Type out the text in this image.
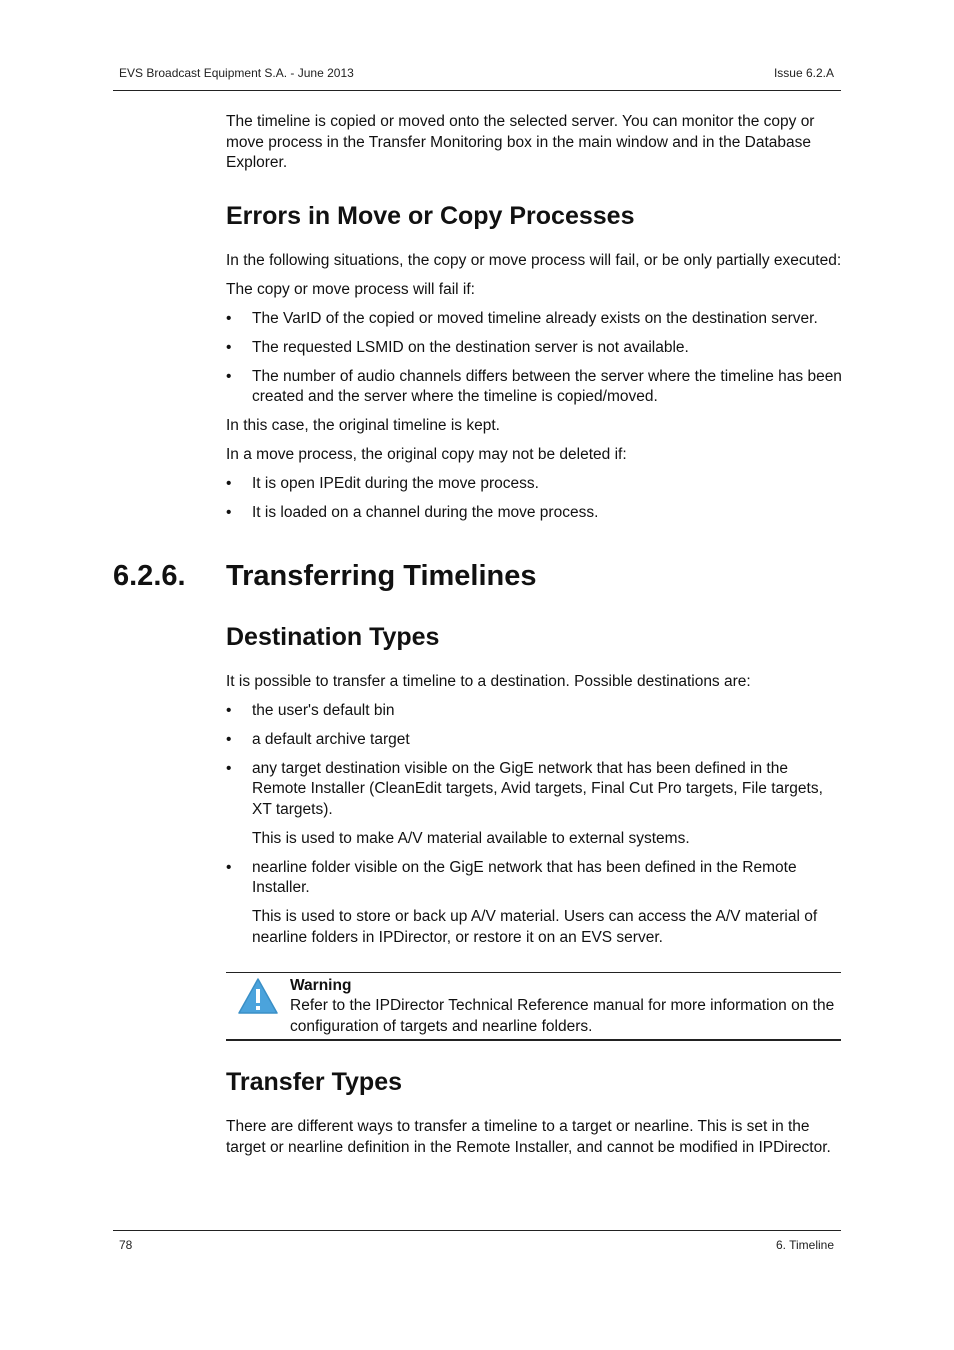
EVS Broadcast Equipment S.A. - June 2013	Issue 6.2.A

The timeline is copied or moved onto the selected server. You can monitor the copy or move process in the Transfer Monitoring box in the main window and in the Database Explorer.

Errors in Move or Copy Processes

In the following situations, the copy or move process will fail, or be only partially executed:

The copy or move process will fail if:

• The VarID of the copied or moved timeline already exists on the destination server.
• The requested LSMID on the destination server is not available.
• The number of audio channels differs between the server where the timeline has been created and the server where the timeline is copied/moved.

In this case, the original timeline is kept.

In a move process, the original copy may not be deleted if:

• It is open IPEdit during the move process.
• It is loaded on a channel during the move process.
6.2.6. Transferring Timelines
Destination Types

It is possible to transfer a timeline to a destination. Possible destinations are:

• the user's default bin
• a default archive target
• any target destination visible on the GigE network that has been defined in the Remote Installer (CleanEdit targets, Avid targets, Final Cut Pro targets, File targets, XT targets).

This is used to make A/V material available to external systems.

• nearline folder visible on the GigE network that has been defined in the Remote Installer.

This is used to store or back up A/V material. Users can access the A/V material of nearline folders in IPDirector, or restore it on an EVS server.

Warning
Refer to the IPDirector Technical Reference manual for more information on the configuration of targets and nearline folders.
Transfer Types

There are different ways to transfer a timeline to a target or nearline. This is set in the target or nearline definition in the Remote Installer, and cannot be modified in IPDirector.

78	6. Timeline
